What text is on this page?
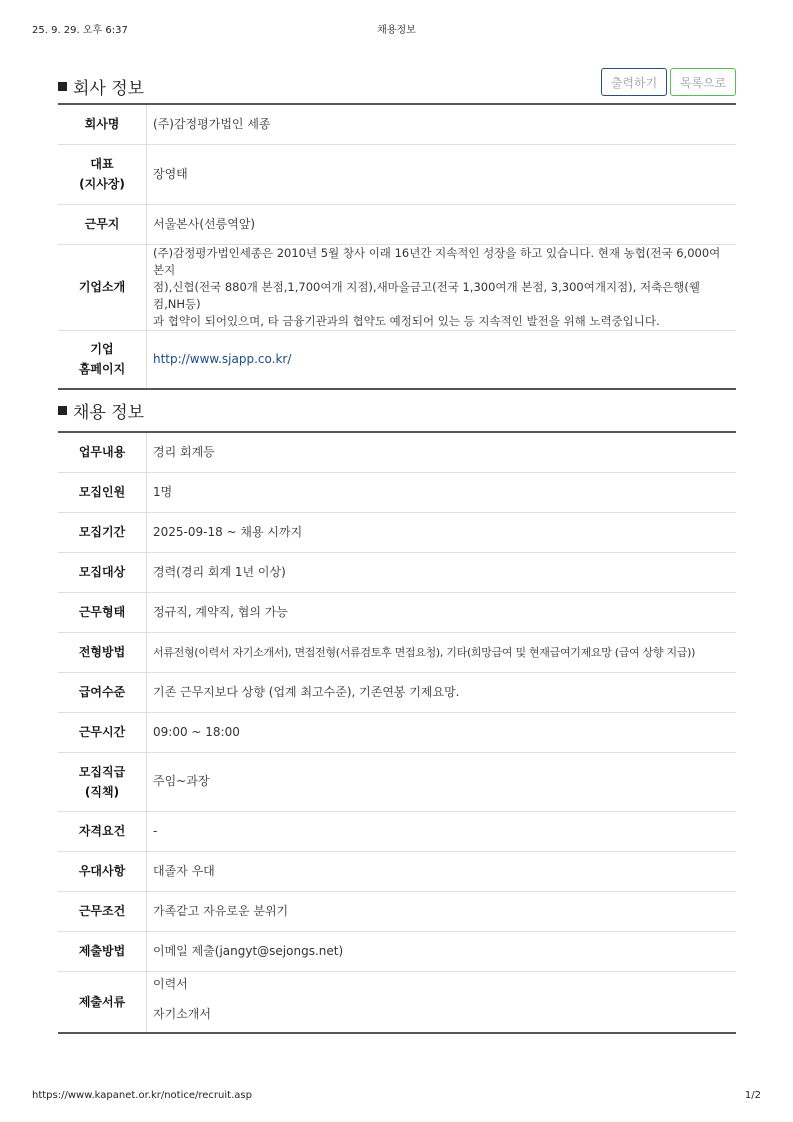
25. 9. 29. 오후 6:37	채용정보
회사 정보	출력하기	목록으로
회사명	(주)감정평가법인 세종

대표
(지사장)	장영태
근무지	서울본사(선릉역앞)
기업소개	(주)감정평가법인세종은 2010년 5월 창사 이래 16년간 지속적인 성장을 하고 있습니다. 현재 농협(전국 6,000여 본지
점),신협(전국 880개 본점,1,700여개 지점),새마을금고(전국 1,300여개 본점, 3,300여개지점), 저축은행(웰컴,NH등)
과 협약이 되어있으며, 타 금융기관과의 협약도 예정되어 있는 등 지속적인 발전을 위해 노력중입니다.

기업
홈페이지	http://www.sjapp.co.kr/
채용 정보
업무내용	경리 회계등
모집인원	1명
모집기간	2025-09-18 ~ 채용 시까지
모집대상	경력(경리 회계 1년 이상)
근무형태	정규직, 계약직, 협의 가능
전형방법	서류전형(이력서 자기소개서), 면접전형(서류검토후 면접요청), 기타(희망급여 및 현재급여기제요망 (급여 상향 지급))
급여수준	기존 근무지보다 상향 (업계 최고수준), 기존연봉 기제요망.
근무시간	09:00 ~ 18:00

모집직급
(직책)	주임~과장
자격요건	-
우대사항	대졸자 우대
근무조건	가족같고 자유로운 분위기
제출방법	이메일 제출(jangyt@sejongs.net)
제출서류	이력서
자기소개서
https://www.kapanet.or.kr/notice/recruit.asp	1/2
